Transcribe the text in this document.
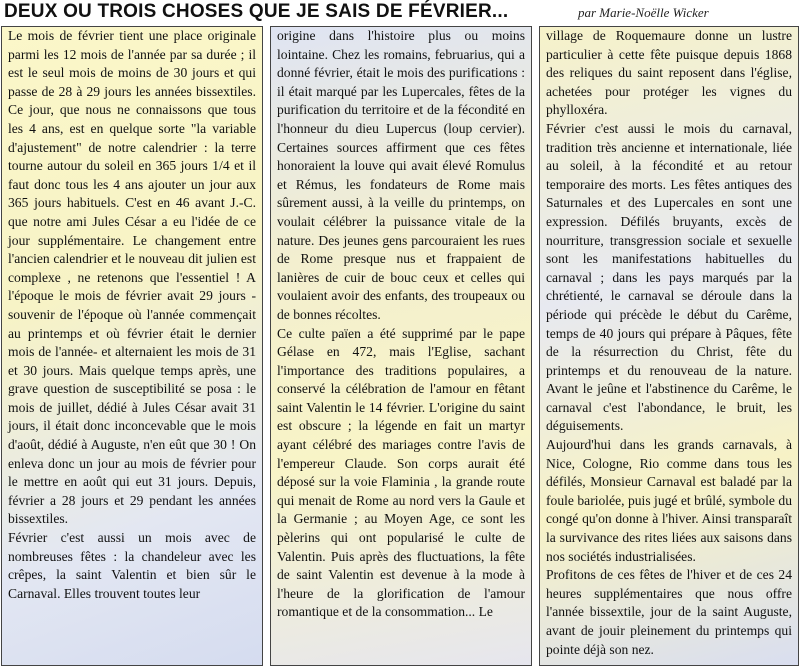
DEUX OU TROIS CHOSES QUE JE SAIS DE FÉVRIER...	par Marie-Noëlle Wicker

Le mois de février tient une place originale parmi les 12 mois de l'année par sa durée ; il est le seul mois de moins de 30 jours et qui passe de 28 à 29 jours les années bissextiles. Ce jour, que nous ne connaissons que tous les 4 ans, est en quelque sorte "la variable d'ajustement" de notre calendrier : la terre tourne autour du soleil en 365 jours 1/4 et il faut donc tous les 4 ans ajouter un jour aux 365 jours habituels. C'est en 46 avant J.-C. que notre ami Jules César a eu l'idée de ce jour supplémentaire. Le changement entre l'ancien calendrier et le nouveau dit julien est complexe , ne retenons que l'essentiel ! A l'époque le mois de février avait 29 jours -souvenir de l'époque où l'année commençait au printemps et où février était le dernier mois de l'année- et alternaient les mois de 31 et 30 jours. Mais quelque temps après, une grave question de susceptibilité se posa : le mois de juillet, dédié à Jules César avait 31 jours, il était donc inconcevable que le mois d'août, dédié à Auguste, n'en eût que 30 ! On enleva donc un jour au mois de février pour le mettre en août qui eut 31 jours. Depuis, février a 28 jours et 29 pendant les années bissextiles.

Février c'est aussi un mois avec de nombreuses fêtes : la chandeleur avec les crêpes, la saint Valentin et bien sûr le Carnaval. Elles trouvent toutes leur

origine dans l'histoire plus ou moins lointaine. Chez les romains, februarius, qui a donné février, était le mois des purifications : il était marqué par les Lupercales, fêtes de la purification du territoire et de la fécondité en l'honneur du dieu Lupercus (loup cervier). Certaines sources affirment que ces fêtes honoraient la louve qui avait élevé Romulus et Rémus, les fondateurs de Rome mais sûrement aussi, à la veille du printemps, on voulait célébrer la puissance vitale de la nature. Des jeunes gens parcouraient les rues de Rome presque nus et frappaient de lanières de cuir de bouc ceux et celles qui voulaient avoir des enfants, des troupeaux ou de bonnes récoltes.

Ce culte païen a été supprimé par le pape Gélase en 472, mais l'Eglise, sachant l'importance des traditions populaires, a conservé la célébration de l'amour en fêtant saint Valentin le 14 février. L'origine du saint est obscure ; la légende en fait un martyr ayant célébré des mariages contre l'avis de l'empereur Claude. Son corps aurait été déposé sur la voie Flaminia , la grande route qui menait de Rome au nord vers la Gaule et la Germanie ; au Moyen Age, ce sont les pèlerins qui ont popularisé le culte de Valentin. Puis après des fluctuations, la fête de saint Valentin est devenue à la mode à l'heure de la glorification de l'amour romantique et de la consommation... Le

village de Roquemaure donne un lustre particulier à cette fête puisque depuis 1868 des reliques du saint reposent dans l'église, achetées pour protéger les vignes du phylloxéra.

Février c'est aussi le mois du carnaval, tradition très ancienne et internationale, liée au soleil, à la fécondité et au retour temporaire des morts. Les fêtes antiques des Saturnales et des Lupercales en sont une expression. Défilés bruyants, excès de nourriture, transgression sociale et sexuelle sont les manifestations habituelles du carnaval ; dans les pays marqués par la chrétienté, le carnaval se déroule dans la période qui précède le début du Carême, temps de 40 jours qui prépare à Pâques, fête de la résurrection du Christ, fête du printemps et du renouveau de la nature. Avant le jeûne et l'abstinence du Carême, le carnaval c'est l'abondance, le bruit, les déguisements.

Aujourd'hui dans les grands carnavals, à Nice, Cologne, Rio comme dans tous les défilés, Monsieur Carnaval est baladé par la foule bariolée, puis jugé et brûlé, symbole du congé qu'on donne à l'hiver. Ainsi transparaît la survivance des rites liées aux saisons dans nos sociétés industrialisées.

Profitons de ces fêtes de l'hiver et de ces 24 heures supplémentaires que nous offre l'année bissextile, jour de la saint Auguste, avant de jouir pleinement du printemps qui pointe déjà son nez.
